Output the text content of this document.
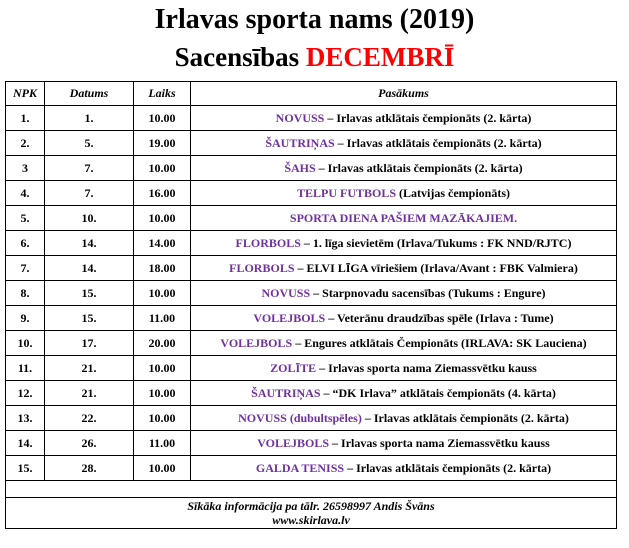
Irlavas sporta nams (2019)
Sacensības DECEMBRĪ
NPK	Datums	Laiks	Pasākums
1.	1.	10.00	NOVUSS – Irlavas atklātais čempionāts (2. kārta)
2.	5.	19.00	ŠAUTRIŅAS – Irlavas atklātais čempionāts (2. kārta)
3	7.	10.00	ŠAHS – Irlavas atklātais čempionāts (2. kārta)
4.	7.	16.00	TELPU FUTBOLS (Latvijas čempionāts)
5.	10.	10.00	SPORTA DIENA PAŠIEM MAZĀKAJIEM.
6.	14.	14.00	FLORBOLS – 1. līga sievietēm (Irlava/Tukums : FK NND/RJTC)
7.	14.	18.00	FLORBOLS – ELVI LĪGA vīriešiem (Irlava/Avant : FBK Valmiera)
8.	15.	10.00	NOVUSS – Starpnovadu sacensības (Tukums : Engure)
9.	15.	11.00	VOLEJBOLS – Veterānu draudzības spēle (Irlava : Tume)
10.	17.	20.00	VOLEJBOLS – Engures atklātais Čempionāts (IRLAVA: SK Lauciena)
11.	21.	10.00	ZOLĪTE – Irlavas sporta nama Ziemassvētku kauss
12.	21.	10.00	ŠAUTRIŅAS – “DK Irlava” atklātais čempionāts (4. kārta)
13.	22.	10.00	NOVUSS (dubultspēles) – Irlavas atklātais čempionāts (2. kārta)
14.	26.	11.00	VOLEJBOLS – Irlavas sporta nama Ziemassvētku kauss
15.	28.	10.00	GALDA TENISS – Irlavas atklātais čempionāts (2. kārta)

Sīkāka informācija pa tālr. 26598997 Andis Švāns
www.skirlava.lv			
